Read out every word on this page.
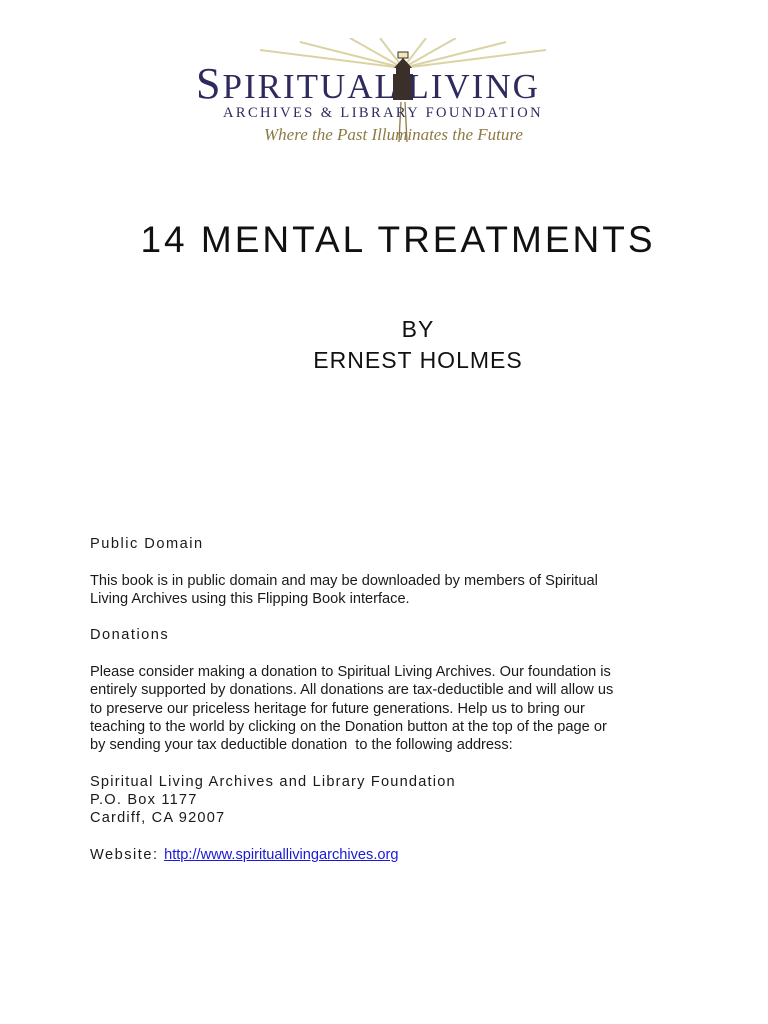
SPIRITUAL LIVING
ARCHIVES & LIBRARY FOUNDATION
Where the Past Illuminates the Future
14 MENTAL TREATMENTS
BY
ERNEST HOLMES

Public Domain

This book is in public domain and may be downloaded by members of Spiritual
Living Archives using this Flipping Book interface.

Donations

Please consider making a donation to Spiritual Living Archives. Our foundation is
entirely supported by donations. All donations are tax-deductible and will allow us
to preserve our priceless heritage for future generations. Help us to bring our
teaching to the world by clicking on the Donation button at the top of the page or
by sending your tax deductible donation  to the following address:

Spiritual Living Archives and Library Foundation
P.O. Box 1177
Cardiff, CA 92007

Website: http://www.spirituallivingarchives.org
